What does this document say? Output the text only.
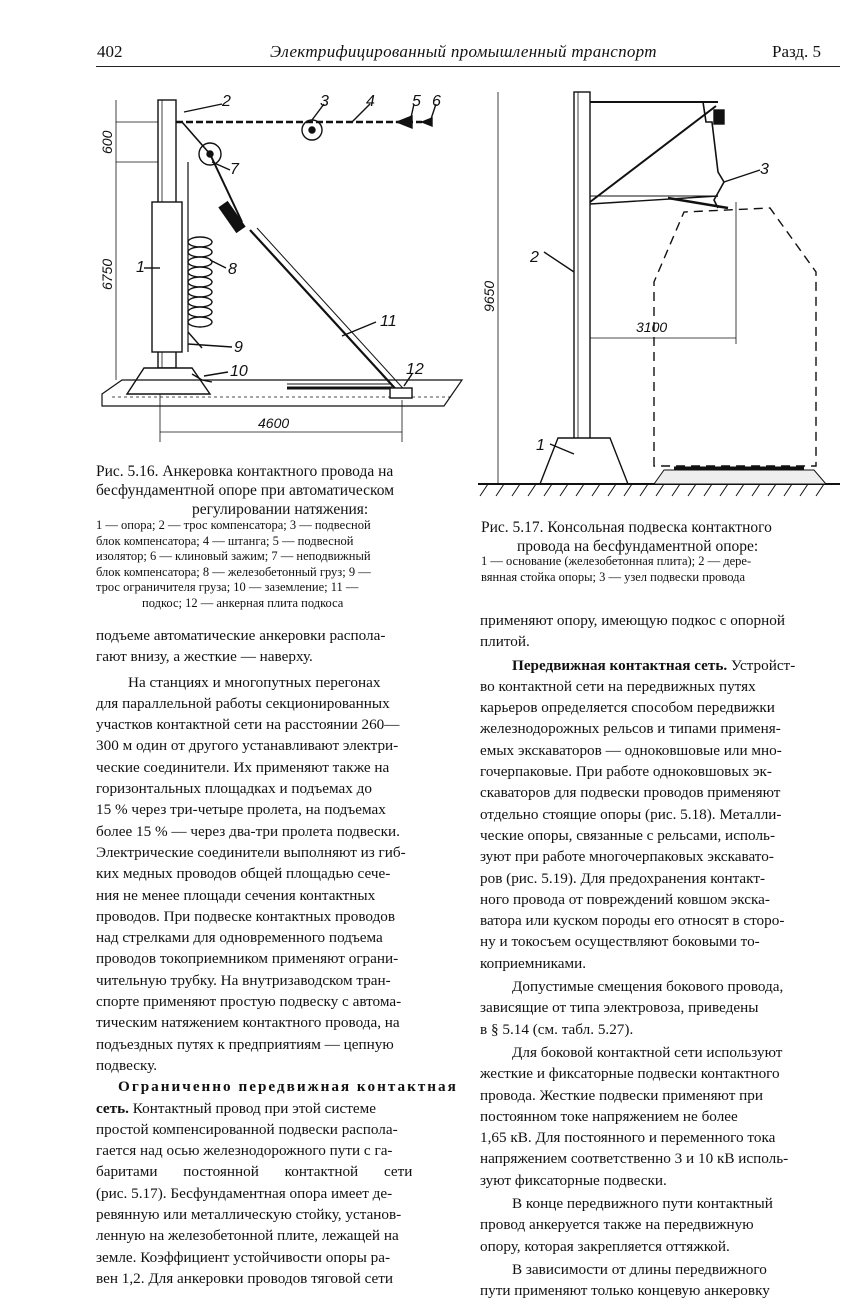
402	Электрифицированный промышленный транспорт	Разд. 5
1
2	3 4 5 6
7
8
9
10
11
12
600
6750
4600
Рис. 5.16. Анкеровка контактного провода на
бесфундаментной опоре при автоматическом
регулировании натяжения:
1 — опора; 2 — трос компенсатора; 3 — подвесной
блок компенсатора; 4 — штанга; 5 — подвесной
изолятор; 6 — клиновый зажим; 7 — неподвижный
блок компенсатора; 8 — железобетонный груз; 9 —
трос ограничителя груза; 10 — заземление; 11 —
подкос; 12 — анкерная плита подкоса
1
2
3
9650
3100
Рис. 5.17. Консольная подвеска контактного
провода на бесфундаментной опоре:
1 — основание (железобетонная плита); 2 — дере-
вянная стойка опоры; 3 — узел подвески провода

подъеме автоматические анкеровки распола-
гают внизу, а жесткие — наверху.

На станциях и многопутных перегонах
для параллельной работы секционированных
участков контактной сети на расстоянии 260—
300 м один от другого устанавливают электри-
ческие соединители. Их применяют также на
горизонтальных площадках и подъемах до
15 % через три-четыре пролета, на подъемах
более 15 % — через два-три пролета подвески.
Электрические соединители выполняют из гиб-
ких медных проводов общей площадью сече-
ния не менее площади сечения контактных
проводов. При подвеске контактных проводов
над стрелками для одновременного подъема
проводов токоприемником применяют ограни-
чительную трубку. На внутризаводском тран-
спорте применяют простую подвеску с автома-
тическим натяжением контактного провода, на
подъездных путях к предприятиям — цепную
подвеску.

Ограниченно передвижная контактная
сеть. Контактный провод при этой системе
простой компенсированной подвески распола-
гается над осью железнодорожного пути с га-
баритами постоянной контактной сети
(рис. 5.17). Бесфундаментная опора имеет де-
ревянную или металлическую стойку, установ-
ленную на железобетонной плите, лежащей на
земле. Коэффициент устойчивости опоры ра-
вен 1,2. Для анкеровки проводов тяговой сети

применяют опору, имеющую подкос с опорной
плитой.

Передвижная контактная сеть. Устройст-
во контактной сети на передвижных путях
карьеров определяется способом передвижки
железнодорожных рельсов и типами применя-
емых экскаваторов — одноковшовые или мно-
гочерпаковые. При работе одноковшовых эк-
скаваторов для подвески проводов применяют
отдельно стоящие опоры (рис. 5.18). Металли-
ческие опоры, связанные с рельсами, исполь-
зуют при работе многочерпаковых экскавато-
ров (рис. 5.19). Для предохранения контакт-
ного провода от повреждений ковшом экска-
ватора или куском породы его относят в сторо-
ну и токосъем осуществляют боковыми то-
коприемниками.

Допустимые смещения бокового провода,
зависящие от типа электровоза, приведены
в § 5.14 (см. табл. 5.27).

Для боковой контактной сети используют
жесткие и фиксаторные подвески контактного
провода. Жесткие подвески применяют при
постоянном токе напряжением не более
1,65 кВ. Для постоянного и переменного тока
напряжением соответственно 3 и 10 кВ исполь-
зуют фиксаторные подвески.

В конце передвижного пути контактный
провод анкеруется также на передвижную
опору, которая закрепляется оттяжкой.

В зависимости от длины передвижного
пути применяют только концевую анкеровку
